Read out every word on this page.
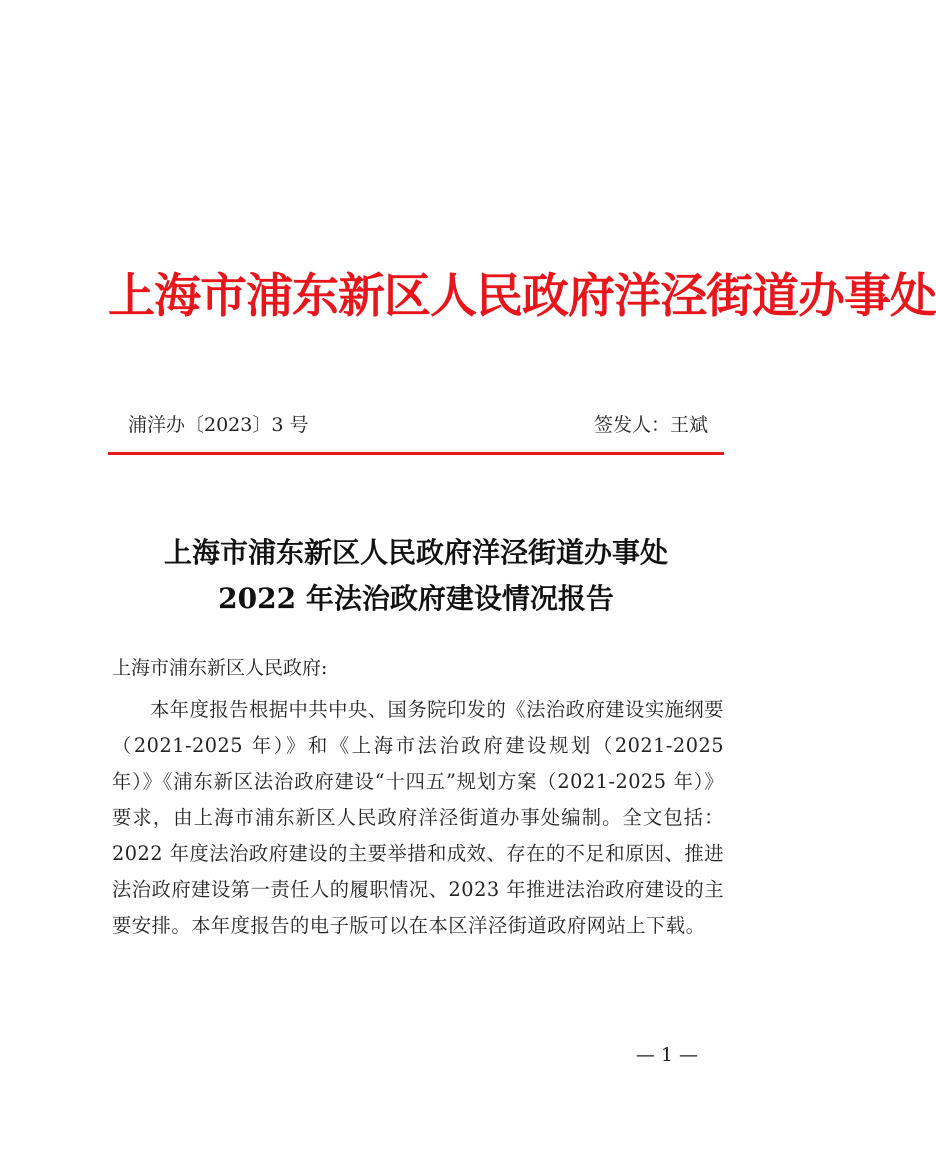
上海市浦东新区人民政府洋泾街道办事处
浦洋办〔2023〕3 号	签发人：王斌
上海市浦东新区人民政府洋泾街道办事处
2022 年法治政府建设情况报告
上海市浦东新区人民政府:
本年度报告根据中共中央、国务院印发的《法治政府建设实施纲要（2021-2025 年）》和《上海市法治政府建设规划（2021-2025 年）》《浦东新区法治政府建设“十四五”规划方案（2021-2025 年）》要求，由上海市浦东新区人民政府洋泾街道办事处编制。全文包括：2022 年度法治政府建设的主要举措和成效、存在的不足和原因、推进法治政府建设第一责任人的履职情况、2023 年推进法治政府建设的主要安排。本年度报告的电子版可以在本区洋泾街道政府网站上下载。
— 1 —
